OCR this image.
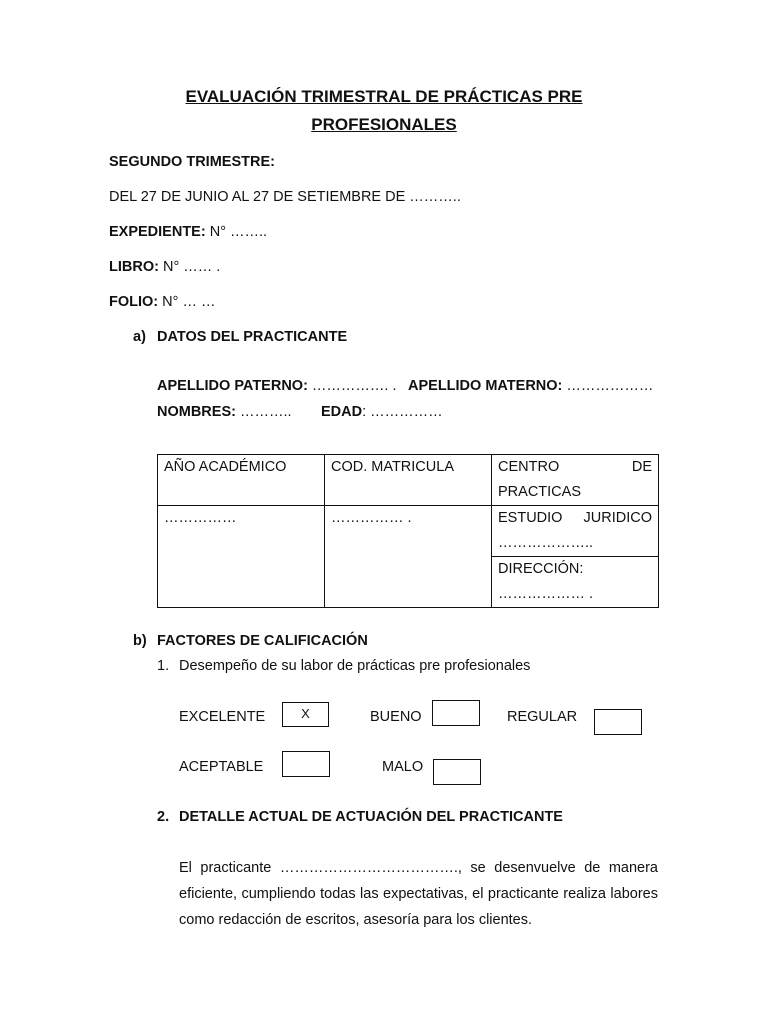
EVALUACIÓN TRIMESTRAL DE PRÁCTICAS PRE
PROFESIONALES
SEGUNDO TRIMESTRE:
DEL 27 DE JUNIO AL 27 DE SETIEMBRE DE ………..
EXPEDIENTE: N° ……..
LIBRO: N° …… .
FOLIO: N° … …
a) DATOS DEL PRACTICANTE
APELLIDO PATERNO: ……………. . APELLIDO MATERNO: ………………
NOMBRES: ……….. EDAD: ……………
AÑO ACADÉMICO	COD. MATRICULA	CENTRO DE
PRACTICAS

……………	…………… .	ESTUDIO JURIDICO
………………..

		DIRECCIÓN:
……………… .
b) FACTORES DE CALIFICACIÓN
1. Desempeño de su labor de prácticas pre profesionales
EXCELENTE	X	BUENO	REGULAR
ACEPTABLE	MALO
2. DETALLE ACTUAL DE ACTUACIÓN DEL PRACTICANTE
El practicante ………………………………., se desenvuelve de manera eficiente, cumpliendo todas las expectativas, el practicante realiza labores como redacción de escritos, asesoría para los clientes.
